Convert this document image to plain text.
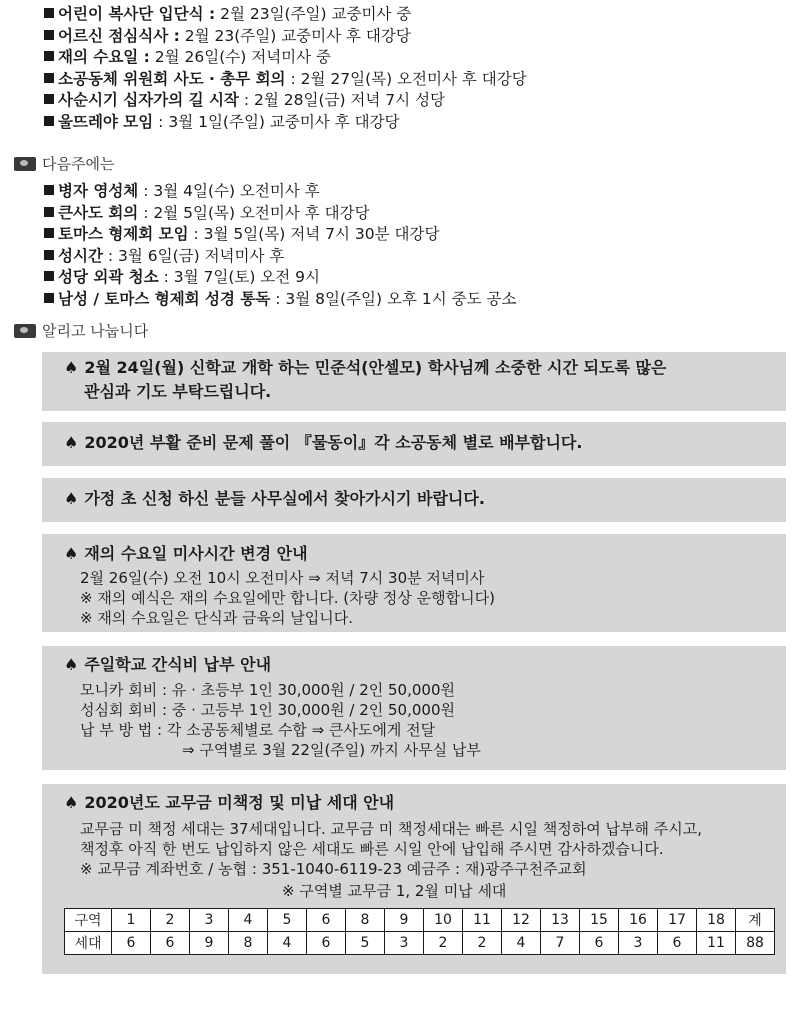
어린이 복사단 입단식 : 2월 23일(주일) 교중미사 중
어르신 점심식사 : 2월 23(주일) 교중미사 후 대강당
재의 수요일 : 2월 26일(수) 저녁미사 중
소공동체 위원회 사도 · 총무 회의 : 2월 27일(목) 오전미사 후 대강당
사순시기 십자가의 길 시작 : 2월 28일(금) 저녁 7시 성당
울뜨레야 모임 : 3월 1일(주일) 교중미사 후 대강당
다음주에는
병자 영성체 : 3월 4일(수) 오전미사 후
큰사도 회의 : 2월 5일(목) 오전미사 후 대강당
토마스 형제회 모임 : 3월 5일(목) 저녁 7시 30분 대강당
성시간 : 3월 6일(금) 저녁미사 후
성당 외곽 청소 : 3월 7일(토) 오전 9시
남성 / 토마스 형제회 성경 통독 : 3월 8일(주일) 오후 1시 중도 공소
알리고 나눕니다
♠ 2월 24일(월) 신학교 개학 하는 민준석(안셀모) 학사님께 소중한 시간 되도록 많은
관심과 기도 부탁드립니다.
♠ 2020년 부활 준비 문제 풀이 『물동이』각 소공동체 별로 배부합니다.
♠ 가정 초 신청 하신 분들 사무실에서 찾아가시기 바랍니다.
♠ 재의 수요일 미사시간 변경 안내
2월 26일(수) 오전 10시 오전미사 ⇒ 저녁 7시 30분 저녁미사
※ 재의 예식은 재의 수요일에만 합니다. (차량 정상 운행합니다)
※ 재의 수요일은 단식과 금육의 날입니다.
♠ 주일학교 간식비 납부 안내
모니카 회비 : 유 · 초등부 1인 30,000원 / 2인 50,000원
성심회 회비 : 중 · 고등부 1인 30,000원 / 2인 50,000원
납 부 방 법 : 각 소공동체별로 수합 ⇒ 큰사도에게 전달
⇒ 구역별로 3월 22일(주일) 까지 사무실 납부
♠ 2020년도 교무금 미책정 및 미납 세대 안내
교무금 미 책정 세대는 37세대입니다. 교무금 미 책정세대는 빠른 시일 책정하여 납부해 주시고,
책정후 아직 한 번도 납입하지 않은 세대도 빠른 시일 안에 납입해 주시면 감사하겠습니다.
※ 교무금 계좌번호 / 농협 : 351-1040-6119-23 예금주 : 재)광주구천주교회
※ 구역별 교무금 1, 2월 미납 세대
구역	1	2	3	4	5	6	8	9	10	11	12	13	15	16	17	18	계
세대	6	6	9	8	4	6	5	3	2	2	4	7	6	3	6	11	88
